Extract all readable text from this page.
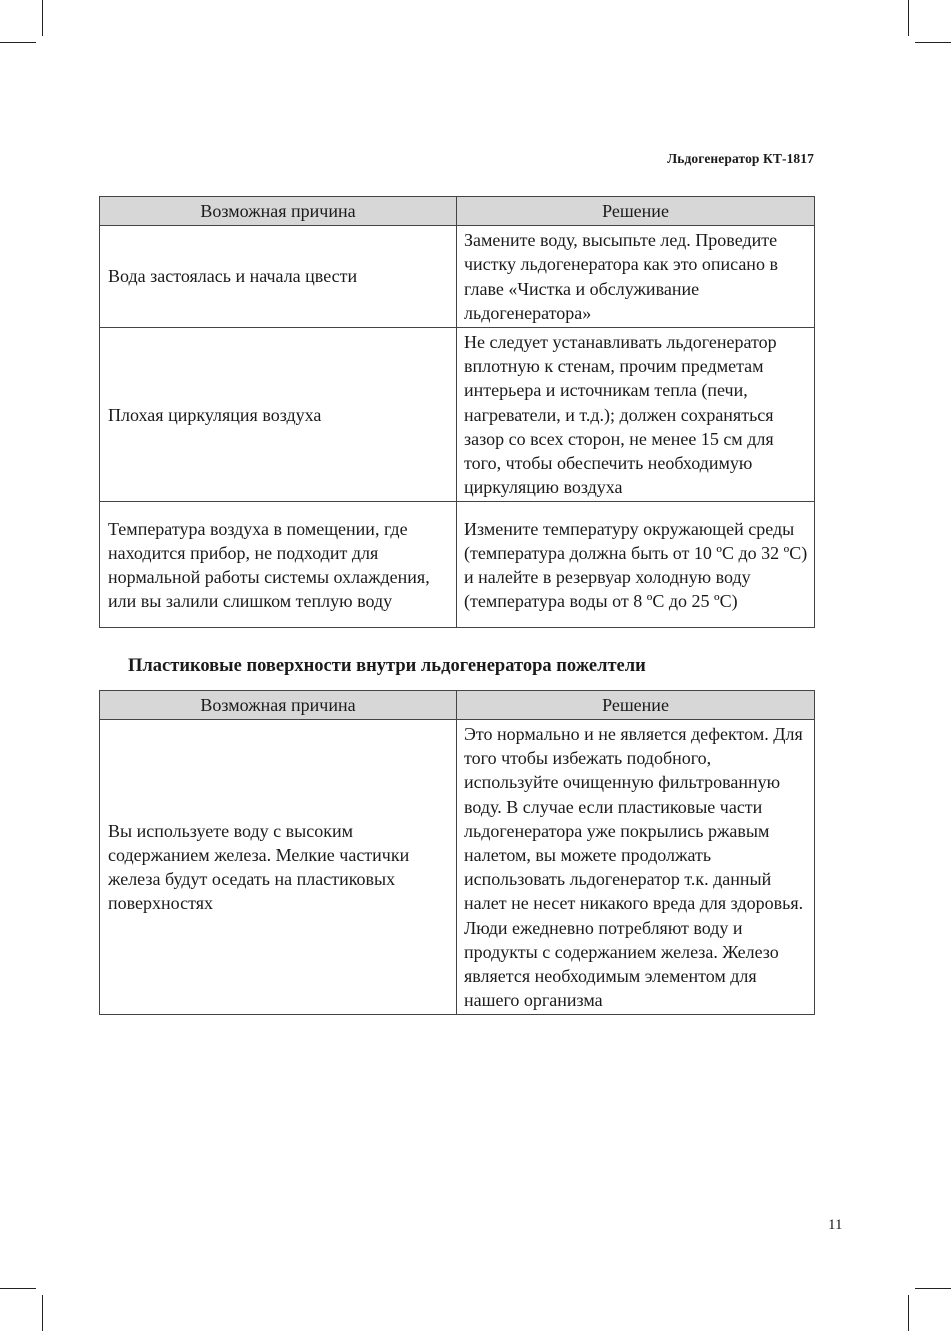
Льдогенератор КТ-1817
Возможная причина	Решение
Вода застоялась и начала цвести	Замените воду, высыпьте лед. Проведите чистку льдогенератора как это описано в главе «Чистка и обслуживание льдогенератора»
Плохая циркуляция воздуха	Не следует устанавливать льдогенератор вплотную к стенам, прочим предметам интерьера и источникам тепла (печи, нагреватели, и т.д.); должен сохраняться зазор со всех сторон, не менее 15 см для того, чтобы обеспечить необходимую циркуляцию воздуха
Температура воздуха в помещении, где находится прибор, не подходит для нормальной работы системы охлаждения, или вы залили слишком теплую воду	Измените температуру окружающей среды (температура должна быть от 10 ºС до 32 ºС) и налейте в резервуар холодную воду (температура воды от 8 ºС до 25 ºС)
Пластиковые поверхности внутри льдогенератора пожелтели
Возможная причина	Решение
Вы используете воду с высоким содержанием железа. Мелкие частички железа будут оседать на пластиковых поверхностях	Это нормально и не является дефектом. Для того чтобы избежать подобного, используйте очищенную фильтрованную воду. В случае если пластиковые части льдогенератора уже покрылись ржавым налетом, вы можете продолжать использовать льдогенератор т.к. данный налет не несет никакого вреда для здоровья. Люди ежедневно потребляют воду и продукты с содержанием железа. Железо является необходимым элементом для нашего организма
11
